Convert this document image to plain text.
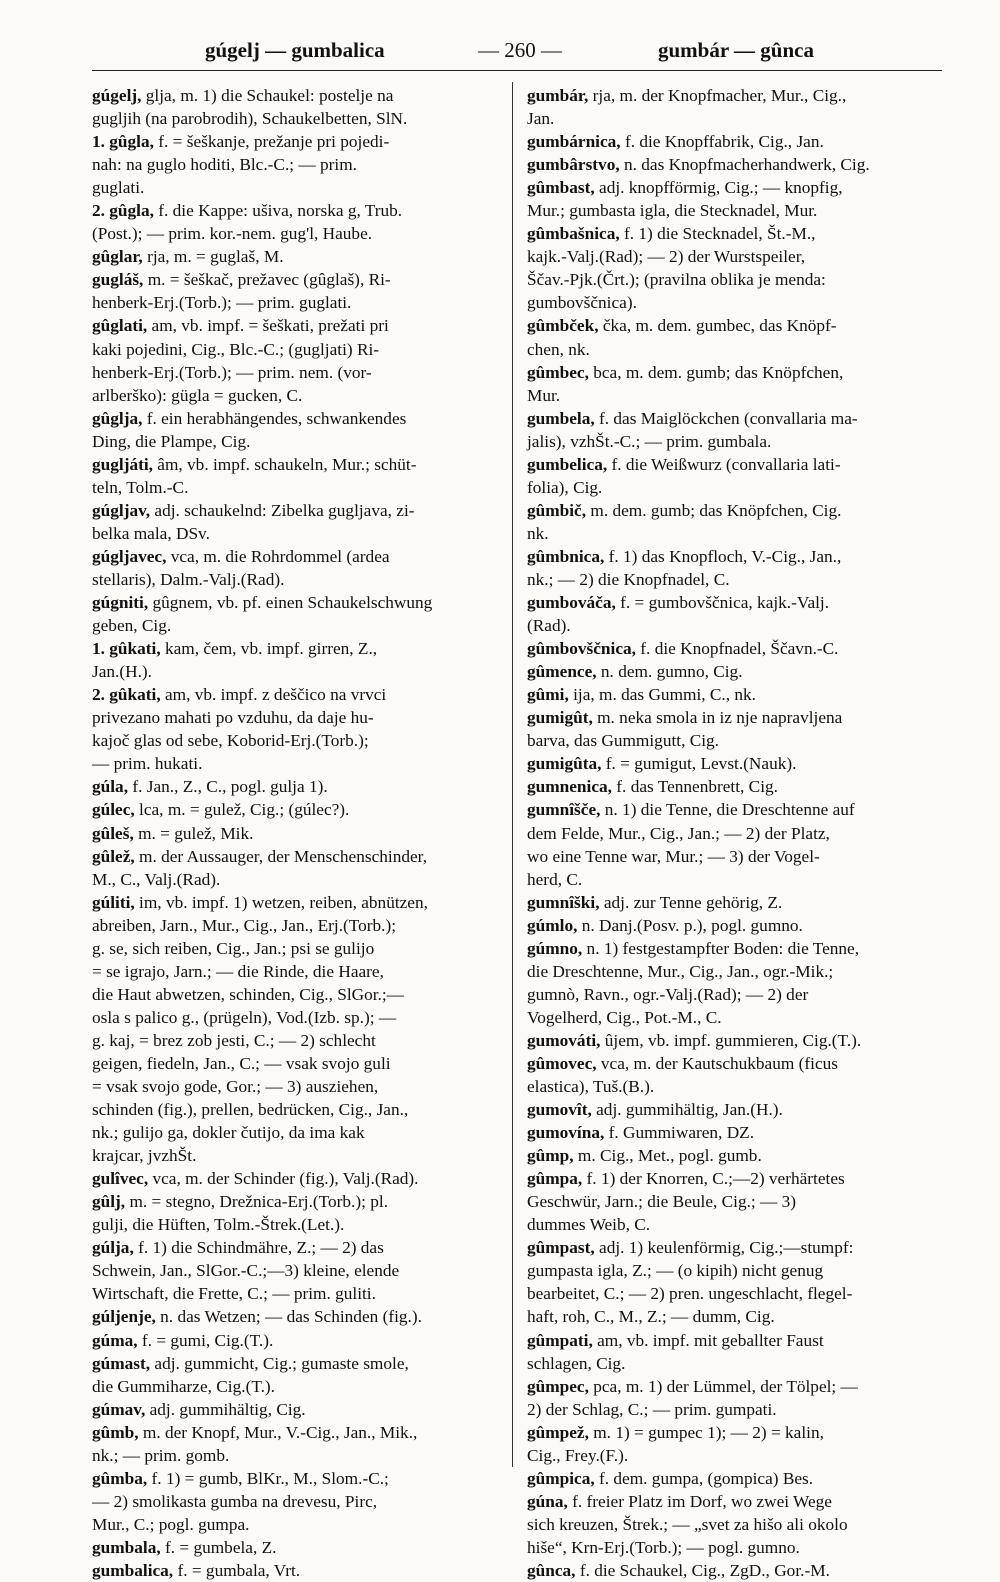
gúgelj — gumbalica	— 260 —	gumbár — gûnca

gúgelj, glja, m. 1) die Schaukel: postelje na
gugljih (na parobrodih), Schaukelbetten, SlN.

1. gûgla, f. = šeškanje, prežanje pri pojedi-
nah: na guglo hoditi, Blc.-C.; — prim.
guglati.

2. gûgla, f. die Kappe: ušiva, norska g, Trub.
(Post.); — prim. kor.-nem. gug'l, Haube.

gûglar, rja, m. = guglaš, M.

gugláš, m. = šeškač, prežavec (gûglaš), Ri-
henberk-Erj.(Torb.); — prim. guglati.

gûglati, am, vb. impf. = šeškati, prežati pri
kaki pojedini, Cig., Blc.-C.; (gugljati) Ri-
henberk-Erj.(Torb.); — prim. nem. (vor-
arlberško): gügla = gucken, C.

gûglja, f. ein herabhängendes, schwankendes
Ding, die Plampe, Cig.

gugljáti, âm, vb. impf. schaukeln, Mur.; schüt-
teln, Tolm.-C.

gúgljav, adj. schaukelnd: Zibelka gugljava, zi-
belka mala, DSv.

gúgljavec, vca, m. die Rohrdommel (ardea
stellaris), Dalm.-Valj.(Rad).

gúgniti, gûgnem, vb. pf. einen Schaukelschwung
geben, Cig.

1. gûkati, kam, čem, vb. impf. girren, Z.,
Jan.(H.).

2. gûkati, am, vb. impf. z deščico na vrvci
privezano mahati po vzduhu, da daje hu-
kajoč glas od sebe, Koborid-Erj.(Torb.);
— prim. hukati.

gúla, f. Jan., Z., C., pogl. gulja 1).

gúlec, lca, m. = gulež, Cig.; (gúlec?).

gûleš, m. = gulež, Mik.

gûlež, m. der Aussauger, der Menschenschinder,
M., C., Valj.(Rad).

gúliti, im, vb. impf. 1) wetzen, reiben, abnützen,
abreiben, Jarn., Mur., Cig., Jan., Erj.(Torb.);
g. se, sich reiben, Cig., Jan.; psi se gulijo
= se igrajo, Jarn.; — die Rinde, die Haare,
die Haut abwetzen, schinden, Cig., SlGor.;—
osla s palico g., (prügeln), Vod.(Izb. sp.); —
g. kaj, = brez zob jesti, C.; — 2) schlecht
geigen, fiedeln, Jan., C.; — vsak svojo guli
= vsak svojo gode, Gor.; — 3) ausziehen,
schinden (fig.), prellen, bedrücken, Cig., Jan.,
nk.; gulijo ga, dokler čutijo, da ima kak
krajcar, jvzhŠt.

gulîvec, vca, m. der Schinder (fig.), Valj.(Rad).

gûlj, m. = stegno, Drežnica-Erj.(Torb.); pl.
gulji, die Hüften, Tolm.-Štrek.(Let.).

gúlja, f. 1) die Schindmähre, Z.; — 2) das
Schwein, Jan., SlGor.-C.;—3) kleine, elende
Wirtschaft, die Frette, C.; — prim. guliti.

gúljenje, n. das Wetzen; — das Schinden (fig.).

gúma, f. = gumi, Cig.(T.).

gúmast, adj. gummicht, Cig.; gumaste smole,
die Gummiharze, Cig.(T.).

gúmav, adj. gummihältig, Cig.

gûmb, m. der Knopf, Mur., V.-Cig., Jan., Mik.,
nk.; — prim. gomb.

gûmba, f. 1) = gumb, BlKr., M., Slom.-C.;
— 2) smolikasta gumba na drevesu, Pirc,
Mur., C.; pogl. gumpa.

gumbala, f. = gumbela, Z.

gumbalica, f. = gumbala, Vrt.

gumbár, rja, m. der Knopfmacher, Mur., Cig.,
Jan.

gumbárnica, f. die Knopffabrik, Cig., Jan.

gumbârstvo, n. das Knopfmacherhandwerk, Cig.

gûmbast, adj. knopfförmig, Cig.; — knopfig,
Mur.; gumbasta igla, die Stecknadel, Mur.

gûmbašnica, f. 1) die Stecknadel, Št.-M.,
kajk.-Valj.(Rad); — 2) der Wurstspeiler,
Ščav.-Pjk.(Črt.); (pravilna oblika je menda:
gumbovščnica).

gûmbček, čka, m. dem. gumbec, das Knöpf-
chen, nk.

gûmbec, bca, m. dem. gumb; das Knöpfchen,
Mur.

gumbela, f. das Maiglöckchen (convallaria ma-
jalis), vzhŠt.-C.; — prim. gumbala.

gumbelica, f. die Weißwurz (convallaria lati-
folia), Cig.

gûmbič, m. dem. gumb; das Knöpfchen, Cig.
nk.

gûmbnica, f. 1) das Knopfloch, V.-Cig., Jan.,
nk.; — 2) die Knopfnadel, C.

gumbováča, f. = gumbovščnica, kajk.-Valj.
(Rad).

gûmbovščnica, f. die Knopfnadel, Ščavn.-C.

gûmence, n. dem. gumno, Cig.

gûmi, ija, m. das Gummi, C., nk.

gumigût, m. neka smola in iz nje napravljena
barva, das Gummigutt, Cig.

gumigûta, f. = gumigut, Levst.(Nauk).

gumnenica, f. das Tennenbrett, Cig.

gumnîšče, n. 1) die Tenne, die Dreschtenne auf
dem Felde, Mur., Cig., Jan.; — 2) der Platz,
wo eine Tenne war, Mur.; — 3) der Vogel-
herd, C.

gumnîški, adj. zur Tenne gehörig, Z.

gúmlo, n. Danj.(Posv. p.), pogl. gumno.

gúmno, n. 1) festgestampfter Boden: die Tenne,
die Dreschtenne, Mur., Cig., Jan., ogr.-Mik.;
gumnò, Ravn., ogr.-Valj.(Rad); — 2) der
Vogelherd, Cig., Pot.-M., C.

gumováti, ûjem, vb. impf. gummieren, Cig.(T.).

gûmovec, vca, m. der Kautschukbaum (ficus
elastica), Tuš.(B.).

gumovît, adj. gummihältig, Jan.(H.).

gumovína, f. Gummiwaren, DZ.

gûmp, m. Cig., Met., pogl. gumb.

gûmpa, f. 1) der Knorren, C.;—2) verhärtetes
Geschwür, Jarn.; die Beule, Cig.; — 3)
dummes Weib, C.

gûmpast, adj. 1) keulenförmig, Cig.;—stumpf:
gumpasta igla, Z.; — (o kipih) nicht genug
bearbeitet, C.; — 2) pren. ungeschlacht, flegel-
haft, roh, C., M., Z.; — dumm, Cig.

gûmpati, am, vb. impf. mit geballter Faust
schlagen, Cig.

gûmpec, pca, m. 1) der Lümmel, der Tölpel; —
2) der Schlag, C.; — prim. gumpati.

gûmpež, m. 1) = gumpec 1); — 2) = kalin,
Cig., Frey.(F.).

gûmpica, f. dem. gumpa, (gompica) Bes.

gúna, f. freier Platz im Dorf, wo zwei Wege
sich kreuzen, Štrek.; — „svet za hišo ali okolo
hiše“, Krn-Erj.(Torb.); — pogl. gumno.

gûnca, f. die Schaukel, Cig., ZgD., Gor.-M.
